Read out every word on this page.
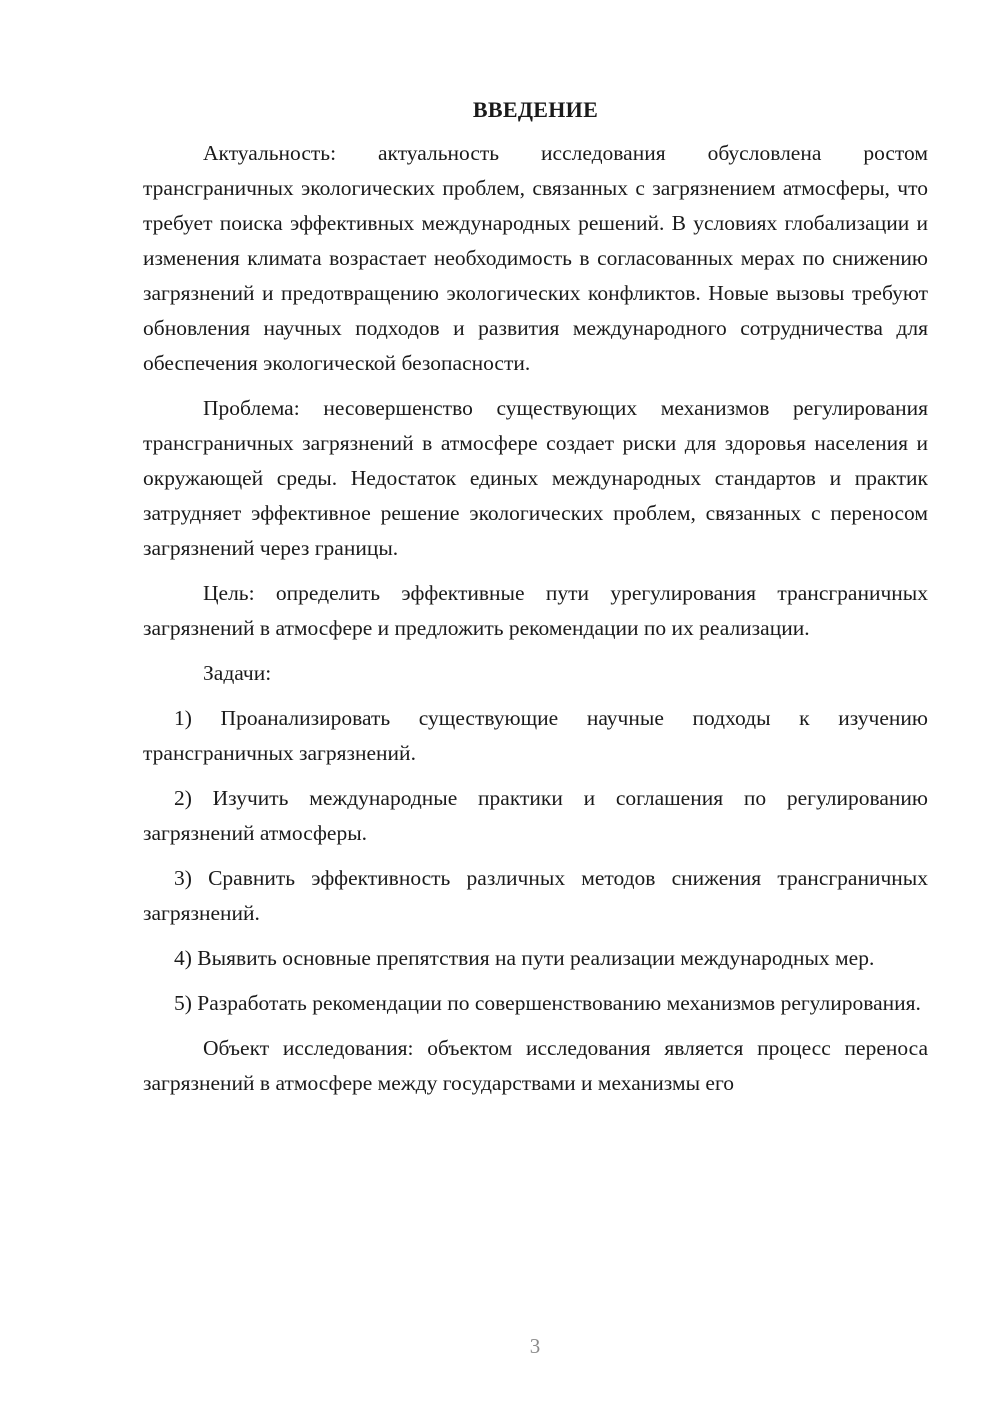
ВВЕДЕНИЕ

Актуальность: актуальность исследования обусловлена ростом трансграничных экологических проблем, связанных с загрязнением атмосферы, что требует поиска эффективных международных решений. В условиях глобализации и изменения климата возрастает необходимость в согласованных мерах по снижению загрязнений и предотвращению экологических конфликтов. Новые вызовы требуют обновления научных подходов и развития международного сотрудничества для обеспечения экологической безопасности.

Проблема: несовершенство существующих механизмов регулирования трансграничных загрязнений в атмосфере создает риски для здоровья населения и окружающей среды. Недостаток единых международных стандартов и практик затрудняет эффективное решение экологических проблем, связанных с переносом загрязнений через границы.

Цель: определить эффективные пути урегулирования трансграничных загрязнений в атмосфере и предложить рекомендации по их реализации.

Задачи:

1) Проанализировать существующие научные подходы к изучению трансграничных загрязнений.

2) Изучить международные практики и соглашения по регулированию загрязнений атмосферы.

3) Сравнить эффективность различных методов снижения трансграничных загрязнений.

4) Выявить основные препятствия на пути реализации международных мер.

5) Разработать рекомендации по совершенствованию механизмов регулирования.

Объект исследования: объектом исследования является процесс переноса загрязнений в атмосфере между государствами и механизмы его

3
